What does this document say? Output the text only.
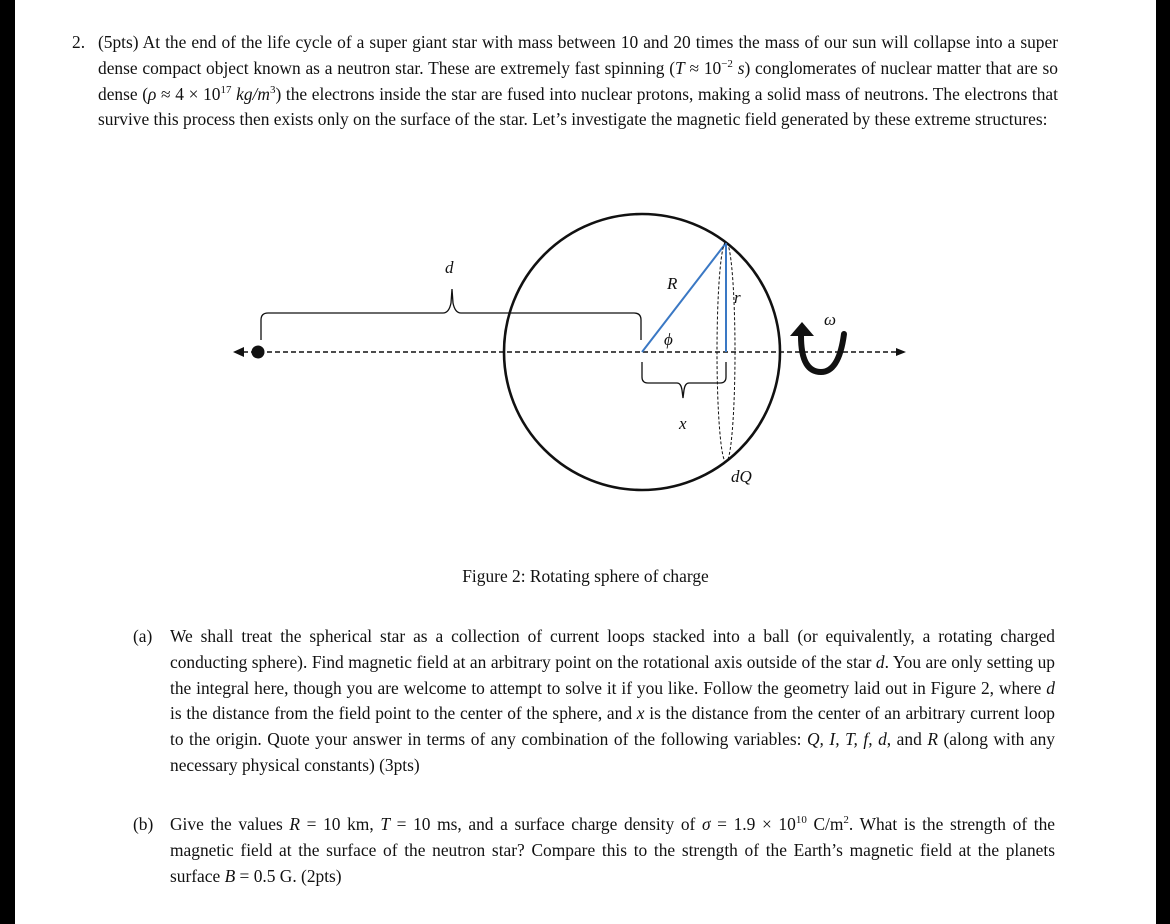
2. (5pts) At the end of the life cycle of a super giant star with mass between 10 and 20 times the mass of our sun will collapse into a super dense compact object known as a neutron star. These are extremely fast spinning ($T \approx 10^{-2}$ s) conglomerates of nuclear matter that are so dense ($\rho \approx 4 \times 10^{17}$ $kg/m^3$) the electrons inside the star are fused into nuclear protons, making a solid mass of neutrons. The electrons that survive this process then exists only on the surface of the star. Let’s investigate the magnetic field generated by these extreme structures:
d
R
r
ϕ
x
dQ
ω
Figure 2: Rotating sphere of charge
(a) We shall treat the spherical star as a collection of current loops stacked into a ball (or equivalently, a rotating charged conducting sphere). Find magnetic field at an arbitrary point on the rotational axis outside of the star d. You are only setting up the integral here, though you are welcome to attempt to solve it if you like. Follow the geometry laid out in Figure 2, where d is the distance from the field point to the center of the sphere, and x is the distance from the center of an arbitrary current loop to the origin. Quote your answer in terms of any combination of the following variables: Q, I, T, f, d, and R (along with any necessary physical constants) (3pts)
(b) Give the values R = 10 km, T = 10 ms, and a surface charge density of $\sigma = 1.9 \times 10^{10}$ $C/m^2$. What is the strength of the magnetic field at the surface of the neutron star? Compare this to the strength of the Earth’s magnetic field at the planets surface B = 0.5 G. (2pts)
